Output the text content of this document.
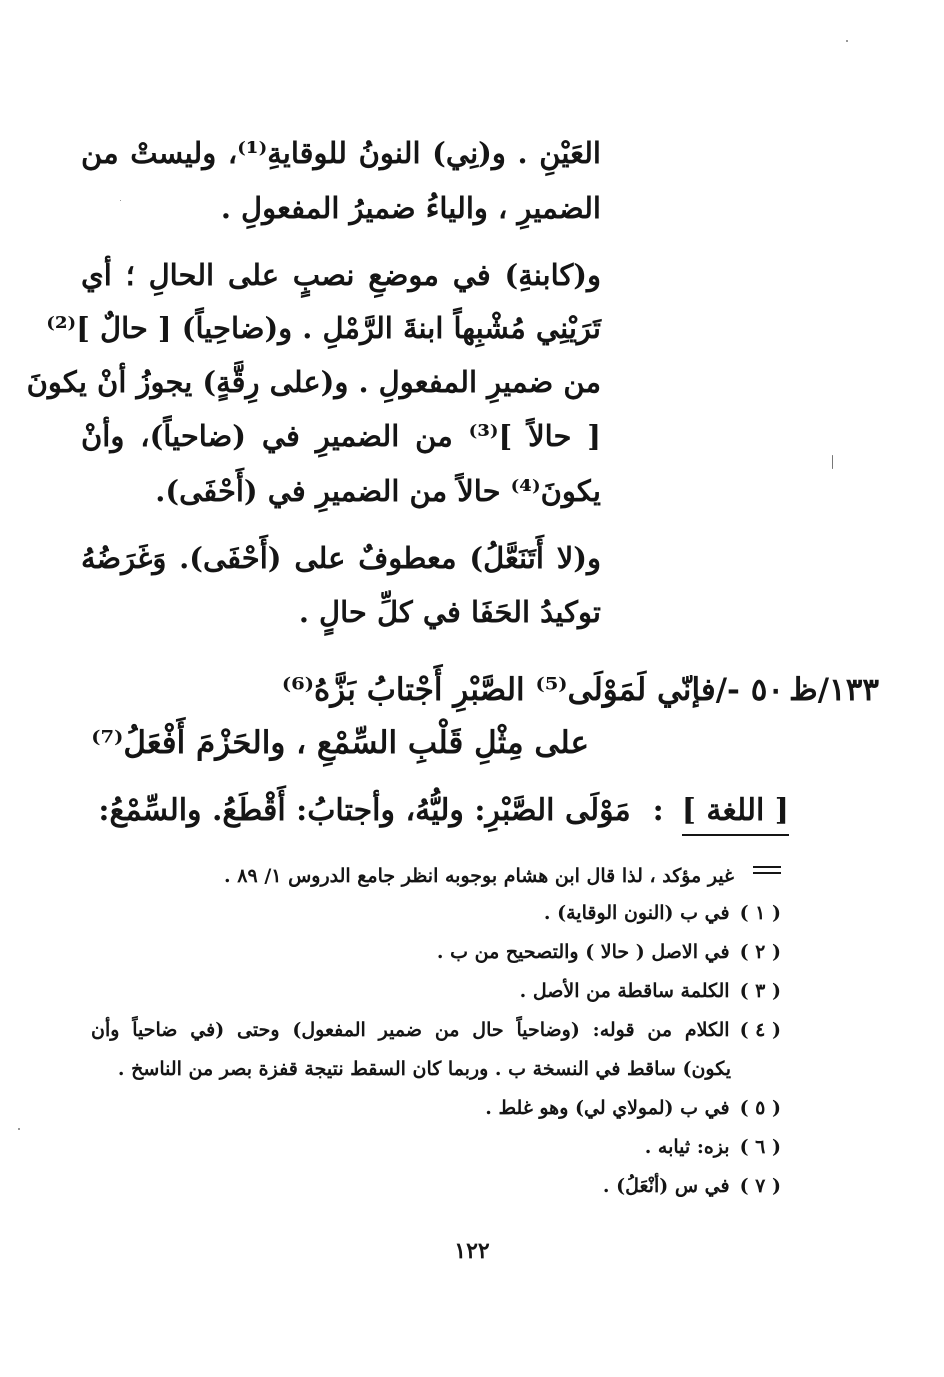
العَيْنِ . و(نِي) النونُ للوقايةِ⁽¹⁾، وليستْ من
الضميرِ ، والياءُ ضميرُ المفعولِ .
و(كابنةِ) في موضعِ نصبٍ على الحالِ ؛ أي
تَرَيْنِي مُشْبِهاً ابنةَ الرَّمْلِ . و(ضاحِياً) [ حالٌ ]⁽²⁾
من ضميرِ المفعولِ . و(على رِقَّةٍ) يجوزُ أنْ يكونَ
[ حالاً ]⁽³⁾ من الضميرِ في (ضاحياً)، وأنْ
يكونَ⁽⁴⁾ حالاً من الضميرِ في (أَحْفَى).
و(لا أَتَنَعَّلُ) معطوفٌ على (أَحْفَى). وَغَرَضُهُ
توكيدُ الحَفَا في كلِّ حالٍ .
١٣٣/ظ
٥٠ -/فإنّي لَمَوْلَى⁽⁵⁾ الصَّبْرِ أَجْتابُ بَزَّهُ⁽⁶⁾
على مِثْلِ قَلْبِ السِّمْعِ ، والحَزْمَ أَفْعَلُ⁽⁷⁾
[ اللغة ]:مَوْلَى الصَّبْرِ: وليُّهُ، وأجتابُ: أَقْطَعُ. والسِّمْعُ:
غير مؤكد ، لذا قال ابن هشام بوجوبه انظر جامع الدروس ١/ ٨٩ .
( ١ )في ب (النون الوقاية) .
( ٢ )في الاصل ( حالا ) والتصحيح من ب .
( ٣ )الكلمة ساقطة من الأصل .
( ٤ )الكلام من قوله: (وضاحياً حال من ضمير المفعول) وحتى (في ضاحياً وأن
يكون) ساقط في النسخة ب . وربما كان السقط نتيجة قفزة بصر من الناسخ .
( ٥ )في ب (لمولاي لي) وهو غلط .
( ٦ )بزه: ثيابه .
( ٧ )في س (أنْعَلُ) .
١٢٢
